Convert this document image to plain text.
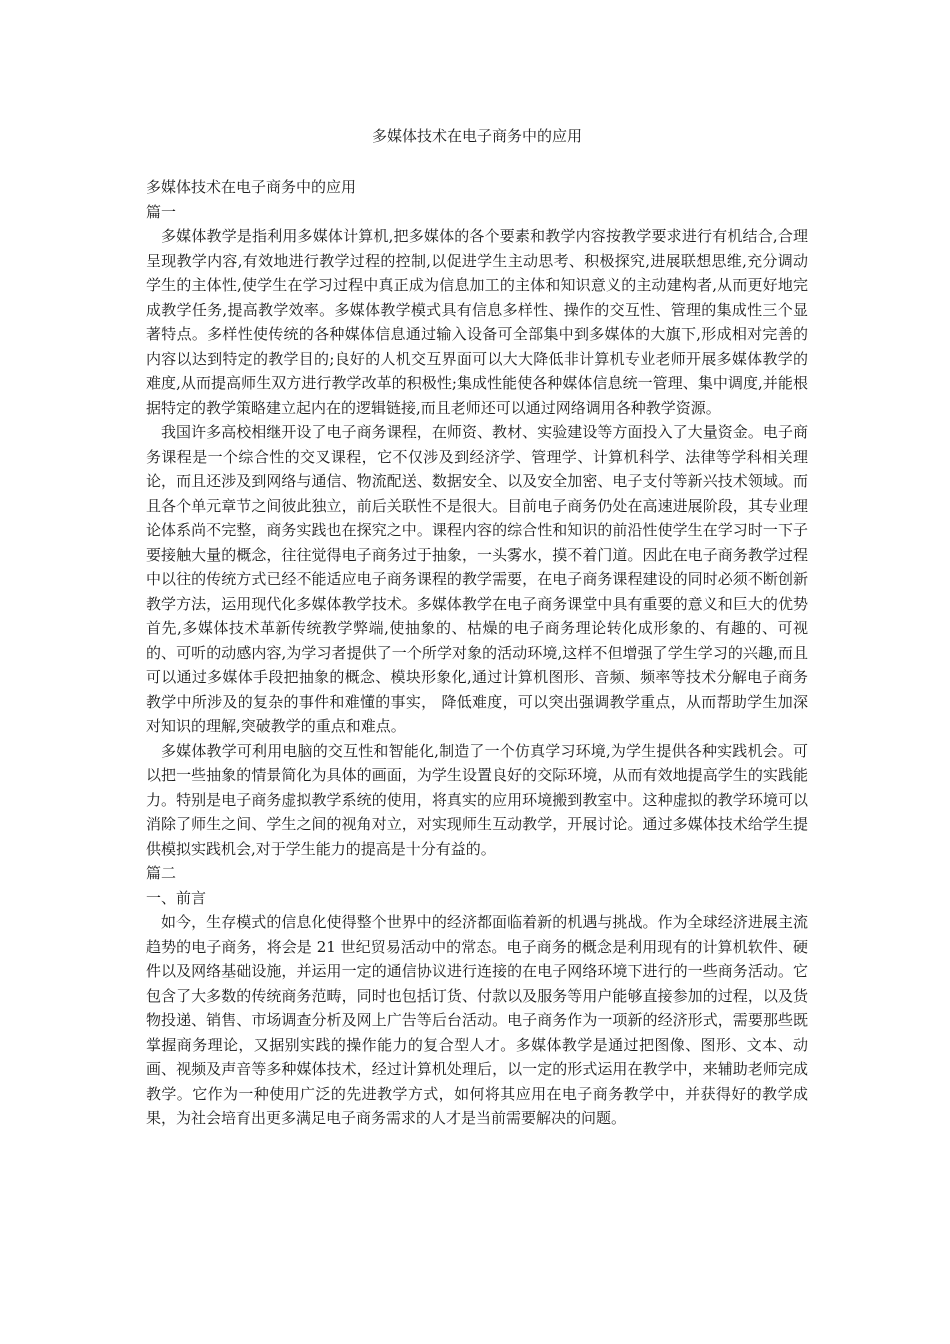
多媒体技术在电子商务中的应用

多媒体技术在电子商务中的应用

篇一

多媒体教学是指利用多媒体计算机,把多媒体的各个要素和教学内容按教学要求进行有机结合,合理呈现教学内容,有效地进行教学过程的控制,以促进学生主动思考、积极探究,进展联想思维,充分调动学生的主体性,使学生在学习过程中真正成为信息加工的主体和知识意义的主动建构者,从而更好地完成教学任务,提高教学效率。多媒体教学模式具有信息多样性、操作的交互性、管理的集成性三个显著特点。多样性使传统的各种媒体信息通过输入设备可全部集中到多媒体的大旗下,形成相对完善的内容以达到特定的教学目的;良好的人机交互界面可以大大降低非计算机专业老师开展多媒体教学的难度,从而提高师生双方进行教学改革的积极性;集成性能使各种媒体信息统一管理、集中调度,并能根据特定的教学策略建立起内在的逻辑链接,而且老师还可以通过网络调用各种教学资源。

我国许多高校相继开设了电子商务课程，在师资、教材、实验建设等方面投入了大量资金。电子商务课程是一个综合性的交叉课程，它不仅涉及到经济学、管理学、计算机科学、法律等学科相关理论，而且还涉及到网络与通信、物流配送、数据安全、以及安全加密、电子支付等新兴技术领域。而且各个单元章节之间彼此独立，前后关联性不是很大。目前电子商务仍处在高速进展阶段，其专业理论体系尚不完整，商务实践也在探究之中。课程内容的综合性和知识的前沿性使学生在学习时一下子要接触大量的概念，往往觉得电子商务过于抽象，一头雾水，摸不着门道。因此在电子商务教学过程中以往的传统方式已经不能适应电子商务课程的教学需要，在电子商务课程建设的同时必须不断创新教学方法，运用现代化多媒体教学技术。多媒体教学在电子商务课堂中具有重要的意义和巨大的优势首先,多媒体技术革新传统教学弊端,使抽象的、枯燥的电子商务理论转化成形象的、有趣的、可视的、可听的动感内容,为学习者提供了一个所学对象的活动环境,这样不但增强了学生学习的兴趣,而且可以通过多媒体手段把抽象的概念、模块形象化,通过计算机图形、音频、频率等技术分解电子商务教学中所涉及的复杂的事件和难懂的事实， 降低难度，可以突出强调教学重点，从而帮助学生加深对知识的理解,突破教学的重点和难点。

多媒体教学可利用电脑的交互性和智能化,制造了一个仿真学习环境,为学生提供各种实践机会。可以把一些抽象的情景简化为具体的画面，为学生设置良好的交际环境，从而有效地提高学生的实践能力。特别是电子商务虚拟教学系统的使用，将真实的应用环境搬到教室中。这种虚拟的教学环境可以消除了师生之间、学生之间的视角对立，对实现师生互动教学，开展讨论。通过多媒体技术给学生提供模拟实践机会,对于学生能力的提高是十分有益的。

篇二

一、前言

如今，生存模式的信息化使得整个世界中的经济都面临着新的机遇与挑战。作为全球经济进展主流趋势的电子商务，将会是 21 世纪贸易活动中的常态。电子商务的概念是利用现有的计算机软件、硬件以及网络基础设施，并运用一定的通信协议进行连接的在电子网络环境下进行的一些商务活动。它包含了大多数的传统商务范畴，同时也包括订货、付款以及服务等用户能够直接参加的过程，以及货物投递、销售、市场调查分析及网上广告等后台活动。电子商务作为一项新的经济形式，需要那些既掌握商务理论，又据别实践的操作能力的复合型人才。多媒体教学是通过把图像、图形、文本、动画、视频及声音等多种媒体技术，经过计算机处理后，以一定的形式运用在教学中，来辅助老师完成教学。它作为一种使用广泛的先进教学方式，如何将其应用在电子商务教学中，并获得好的教学成果，为社会培育出更多满足电子商务需求的人才是当前需要解决的问题。
